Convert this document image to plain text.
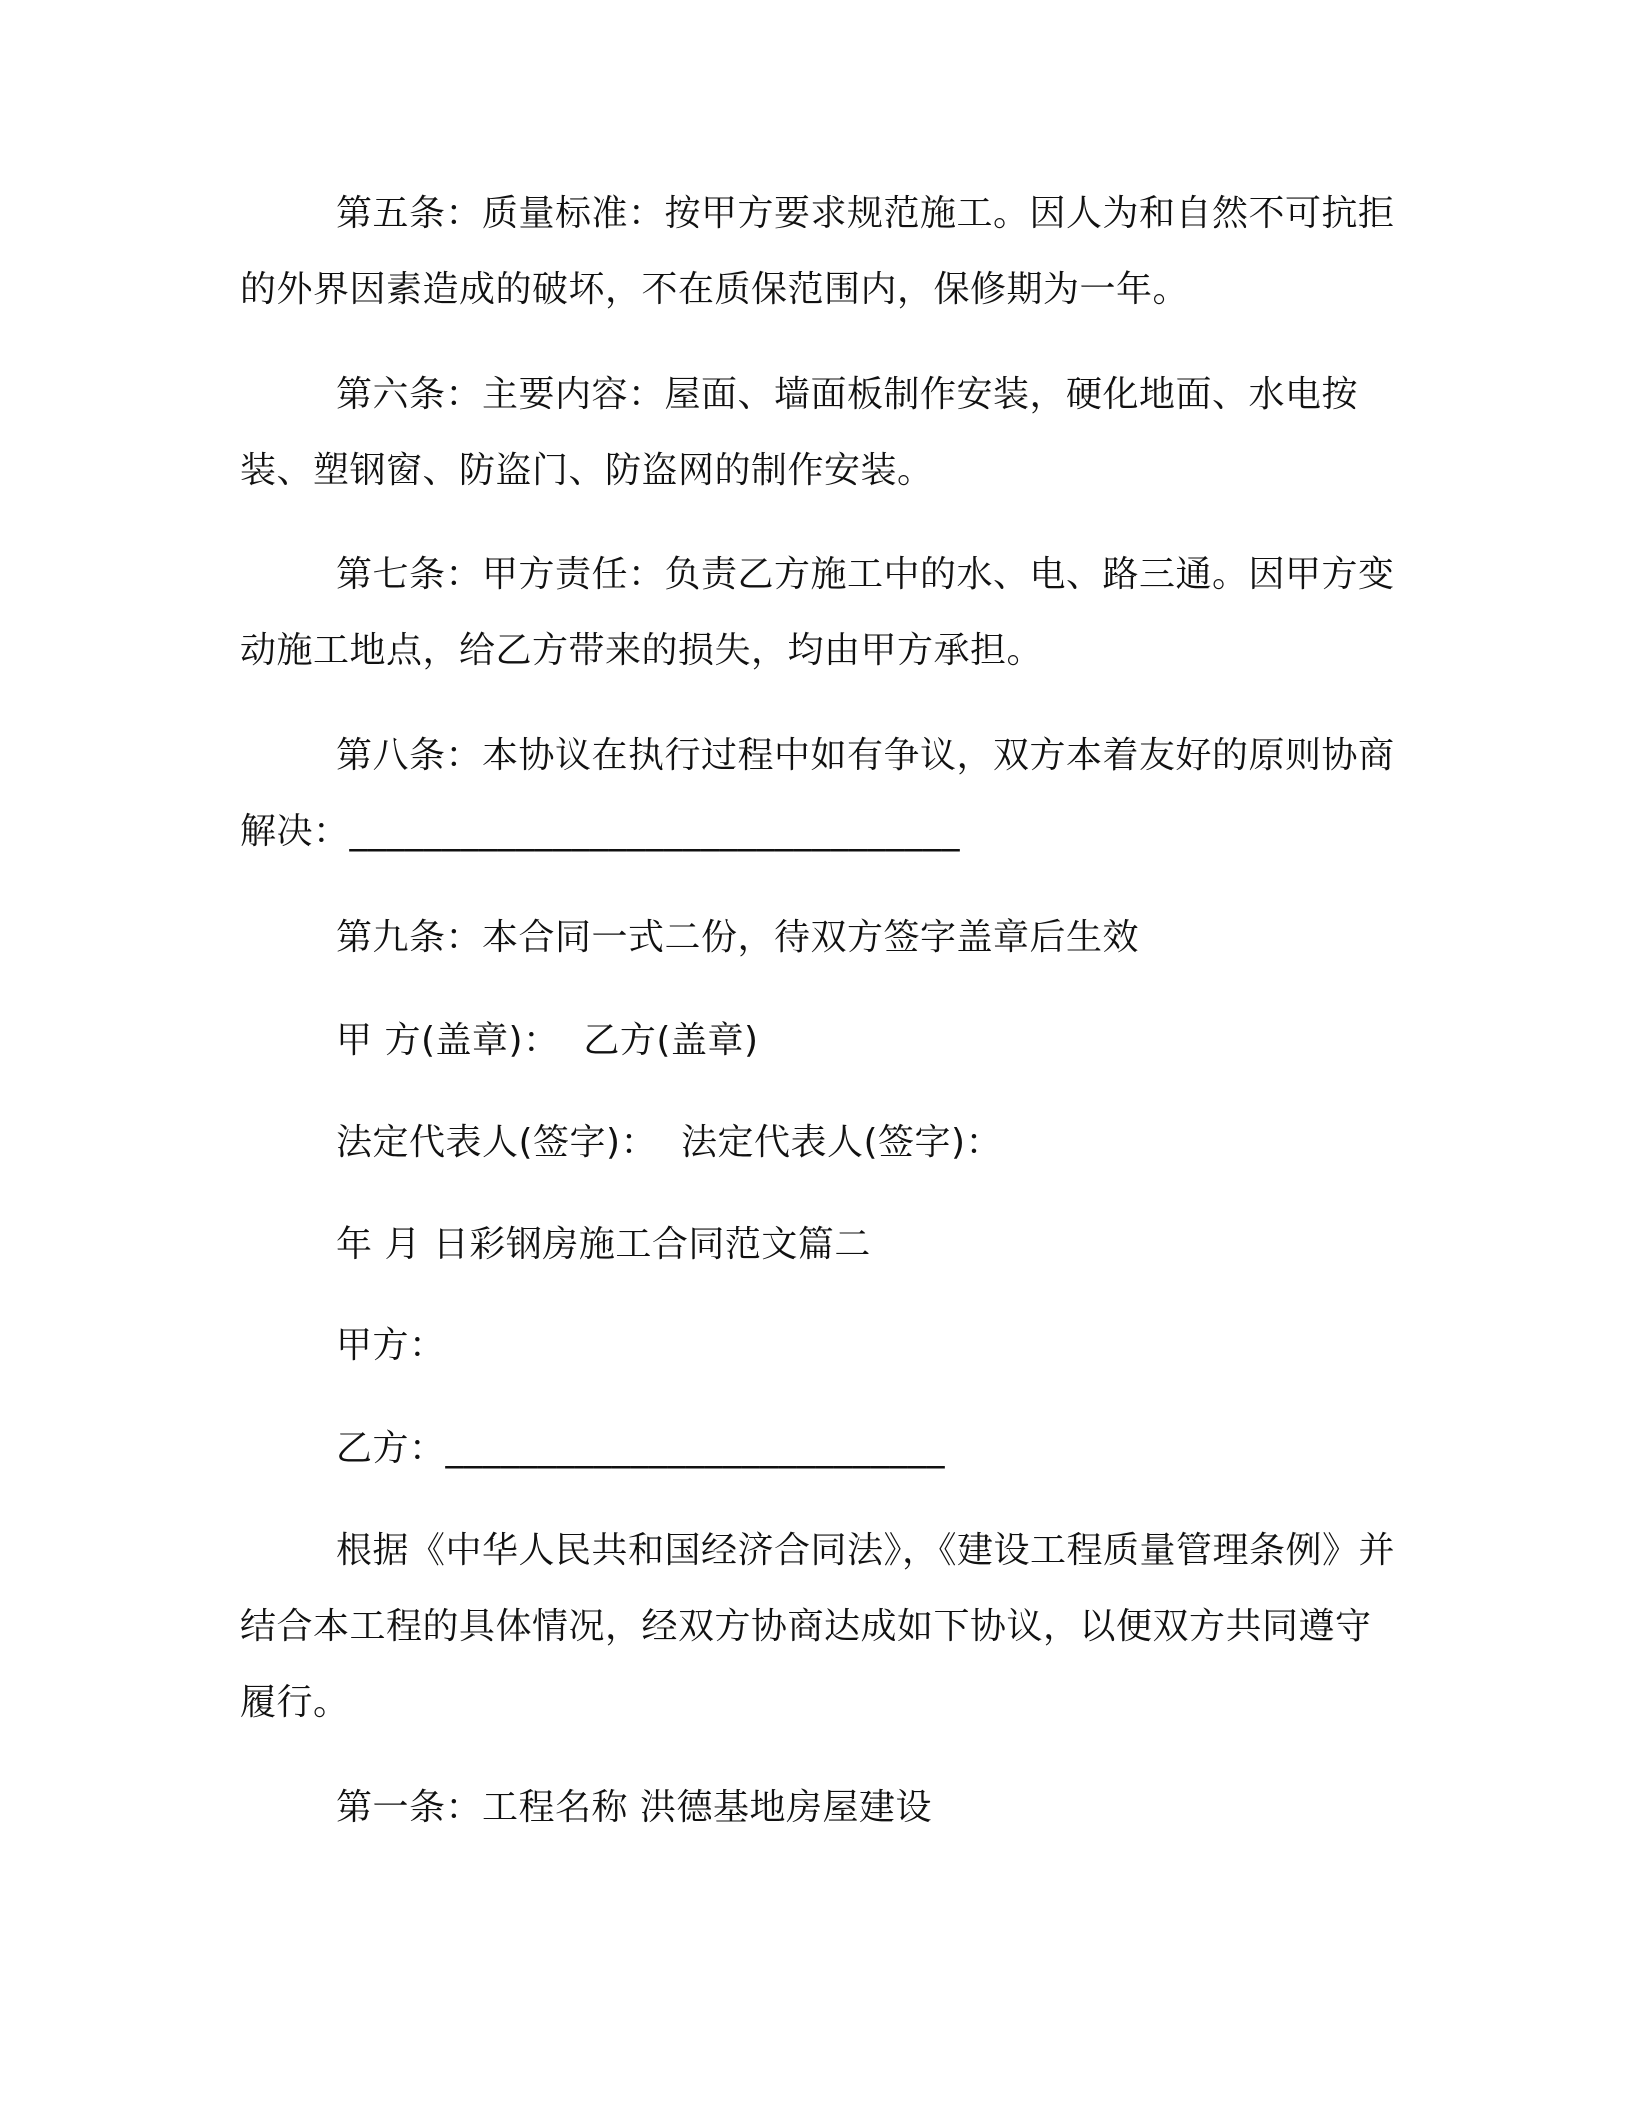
第五条：质量标准：按甲方要求规范施工。因人为和自然不可抗拒的外界因素造成的破坏，不在质保范围内，保修期为一年。

第六条：主要内容：屋面、墙面板制作安装，硬化地面、水电按装、塑钢窗、防盗门、防盗网的制作安装。

第七条：甲方责任：负责乙方施工中的水、电、路三通。因甲方变动施工地点，给乙方带来的损失，均由甲方承担。

第八条：本协议在执行过程中如有争议，双方本着友好的原则协商解决：_________________________________

第九条：本合同一式二份，待双方签字盖章后生效
甲 方(盖章)：  乙方(盖章)
法定代表人(签字)：  法定代表人(签字)：
年 月 日彩钢房施工合同范文篇二
甲方：
乙方：___________________________

根据《中华人民共和国经济合同法》，《建设工程质量管理条例》并结合本工程的具体情况，经双方协商达成如下协议，以便双方共同遵守履行。

第一条：工程名称 洪德基地房屋建设
